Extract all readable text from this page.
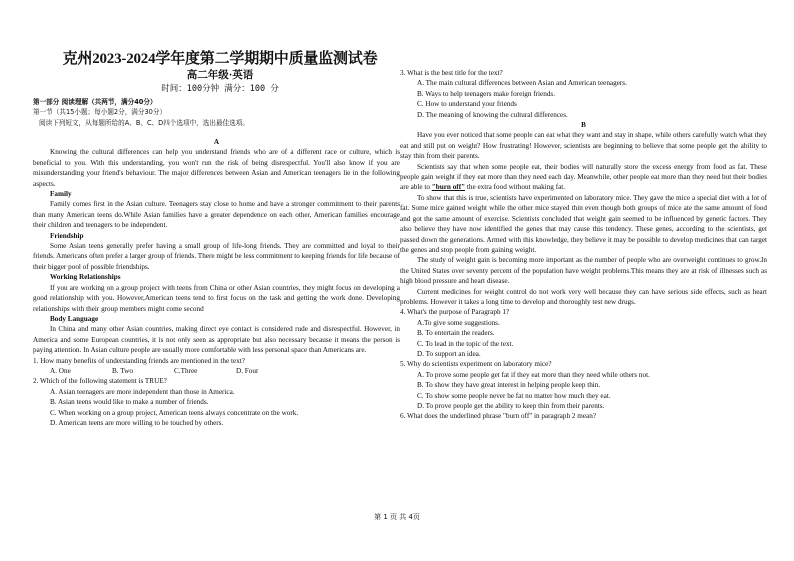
克州2023-2024学年度第二学期期中质量监测试卷
高二年级·英语
时间：100分钟 满分：100 分

第一部分 阅读理解（共两节，满分40分）

第一节（共15小题；每小题2分，满分30分）

阅读下列短文，从每题所给的A、B、C、D四个选项中，选出最佳选项。

A

Knowing the cultural differences can help you understand friends who are of a different race or culture, which is beneficial to you. With this understanding, you won't run the risk of being disrespectful. You'll also know if you are misunderstanding your friend's behaviour. The major differences between Asian and American teenagers lie in the following aspects.

Family

Family comes first in the Asian culture. Teenagers stay close to home and have a stronger commitment to their parents than many American teens do.While Asian families have a greater dependence on each other, American families encourage their children and teenagers to be independent.

Friendship

Some Asian teens generally prefer having a small group of life-long friends. They are committed and loyal to their friends. Americans often prefer a larger group of friends. There might be less commitment to keeping friends for life because of their bigger pool of possible friendships.

Working Relationships

If you are working on a group project with teens from China or other Asian countries, they might focus on developing a good relationship with you. However,American teens tend to first focus on the task and getting the work done. Developing relationships with their group members might come second

Body Language

In China and many other Asian countries, making direct eye contact is considered rude and disrespectful. However, in America and some European countries, it is not only seen as appropriate but also necessary because it means the person is paying attention. In Asian culture people are usually more comfortable with less personal space than Americans are.

1. How many benefits of understanding friends are mentioned in the text?

A. One	B. Two	C.Three	D. Four

2. Which of the following statement is TRUE?

A. Asian teenagers are more independent than those in America.

B. Asian teens would like to make a number of friends.

C. When working on a group project, American teens always concentrate on the work.

D. American teens are more willing to be touched by others.

3. What is the best title for the text?

A. The main cultural differences between Asian and American teenagers.

B. Ways to help teenagers make foreign friends.

C. How to understand your friends

D. The meaning of knowing the cultural differences.

B

Have you ever noticed that some people can eat what they want and stay in shape, while others carefully watch what they eat and still put on weight? How frustrating! However, scientists are beginning to believe that some people get the ability to stay thin from their parents.

Scientists say that when some people eat, their bodies will naturally store the excess energy from food as fat. These people gain weight if they eat more than they need each day. Meanwhile, other people eat more than they need but their bodies are able to "burn off" the extra food without making fat.

To show that this is true, scientists have experimented on laboratory mice. They gave the mice a special diet with a lot of fat. Some mice gained weight while the other mice stayed thin even though both groups of mice ate the same amount of food and got the same amount of exercise. Scientists concluded that weight gain seemed to be influenced by genetic factors. They also believe they have now identified the genes that may cause this tendency. These genes, according to the scientists, get passed down the generations. Armed with this knowledge, they believe it may be possible to develop medicines that can target the genes and stop people from gaining weight.

The study of weight gain is becoming more important as the number of people who are overweight continues to grow.In the United States over seventy percent of the population have weight problems.This means they are at risk of illnesses such as high blood pressure and heart disease.

Current medicines for weight control do not work very well because they can have serious side effects, such as heart problems. However it takes a long time to develop and thoroughly test new drugs.

4. What's the purpose of Paragraph 1?

A.To give some suggestions.

B. To entertain the readers.

C. To lead in the topic of the text.

D. To support an idea.

5. Why do scientists experiment on laboratory mice?

A. To prove some people get fat if they eat more than they need while others not.

B. To show they have great interest in helping people keep thin.

C. To show some people never be fat no matter how much they eat.

D. To prove people get the ability to keep thin from their parents.

6. What does the underlined phrase "burn off" in paragraph 2 mean?

第 1 页 共 4页
